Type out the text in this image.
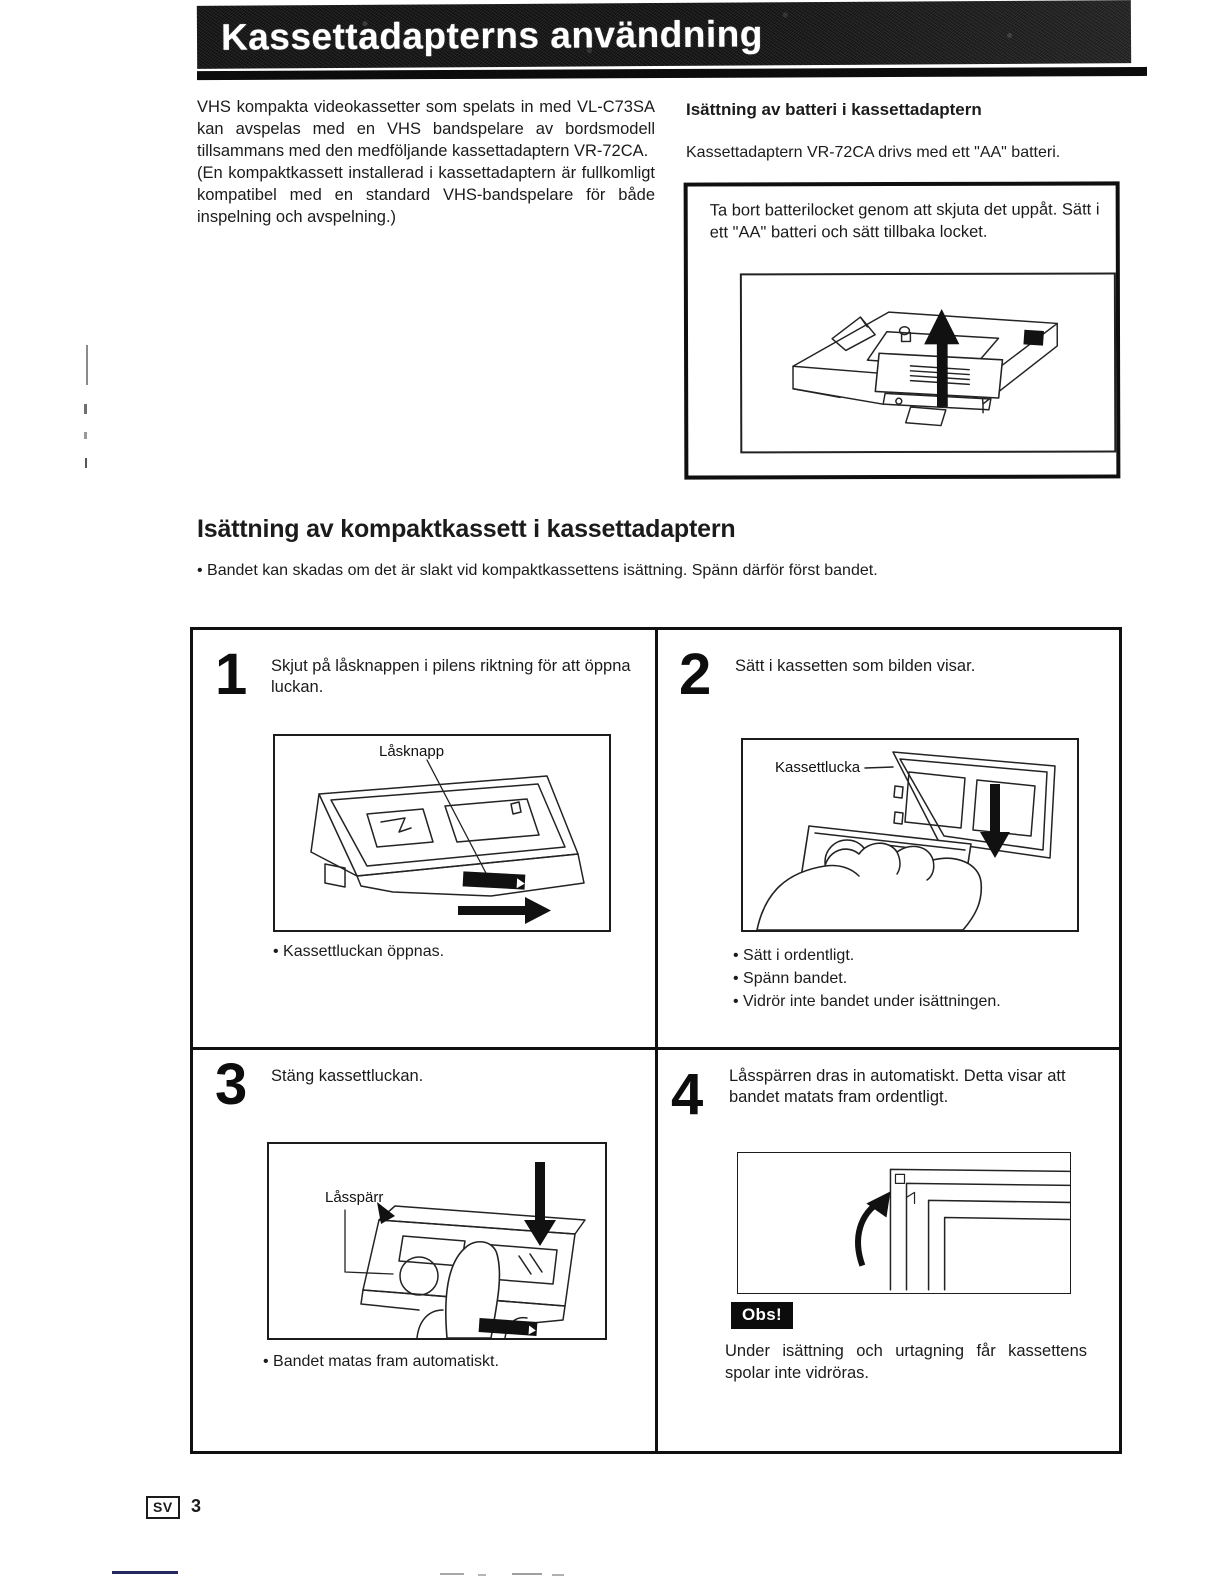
Kassettadapterns användning

VHS kompakta videokassetter som spelats in med VL-C73SA kan avspelas med en VHS bandspelare av bordsmodell tillsammans med den medföljande kassettadaptern VR-72CA.

(En kompaktkassett installerad i kassettadaptern är fullkomligt kompatibel med en standard VHS-bandspelare för både inspelning och avspelning.)

Isättning av batteri i kassettadaptern

Kassettadaptern VR-72CA drivs med ett "AA" batteri.

Ta bort batterilocket genom att skjuta det uppåt. Sätt i ett "AA" batteri och sätt tillbaka locket.

Isättning av kompaktkassett i kassettadaptern

• Bandet kan skadas om det är slakt vid kompaktkassettens isättning. Spänn därför först bandet.

1 Skjut på låsknappen i pilens riktning för att öppna luckan.

Låsknapp

• Kassettluckan öppnas.

2 Sätt i kassetten som bilden visar.

Kassettlucka

• Sätt i ordentligt.

• Spänn bandet.

• Vidrör inte bandet under isättningen.

3 Stäng kassettluckan.

Låsspärr

• Bandet matas fram automatiskt.

4 Låsspärren dras in automatiskt. Detta visar att bandet matats fram ordentligt.

Obs!

Under isättning och urtagning får kassettens spolar inte vidröras.

SV	3
